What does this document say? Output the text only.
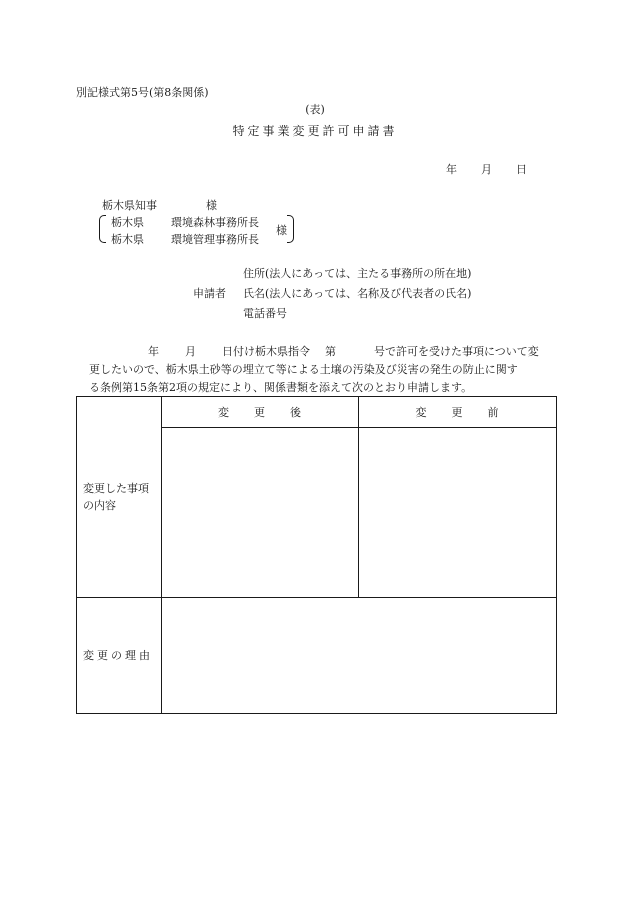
別記様式第5号(第8条関係)
(表)
特定事業変更許可申請書
年 月 日
栃木県知事	様
栃木県 環境森林事務所長
栃木県 環境管理事務所長
様
住所(法人にあっては、主たる事務所の所在地)
申請者 氏名(法人にあっては、名称及び代表者の氏名)
電話番号
年 月 日付け栃木県指令 第	号で許可を受けた事項について変
更したいので、栃木県土砂等の埋立て等による土壌の汚染及び災害の発生の防止に関す
る条例第15条第2項の規定により、関係書類を添えて次のとおり申請します。
変更した事項
の内容	変　　更　　後	変　　更　　前

変更の理由		
